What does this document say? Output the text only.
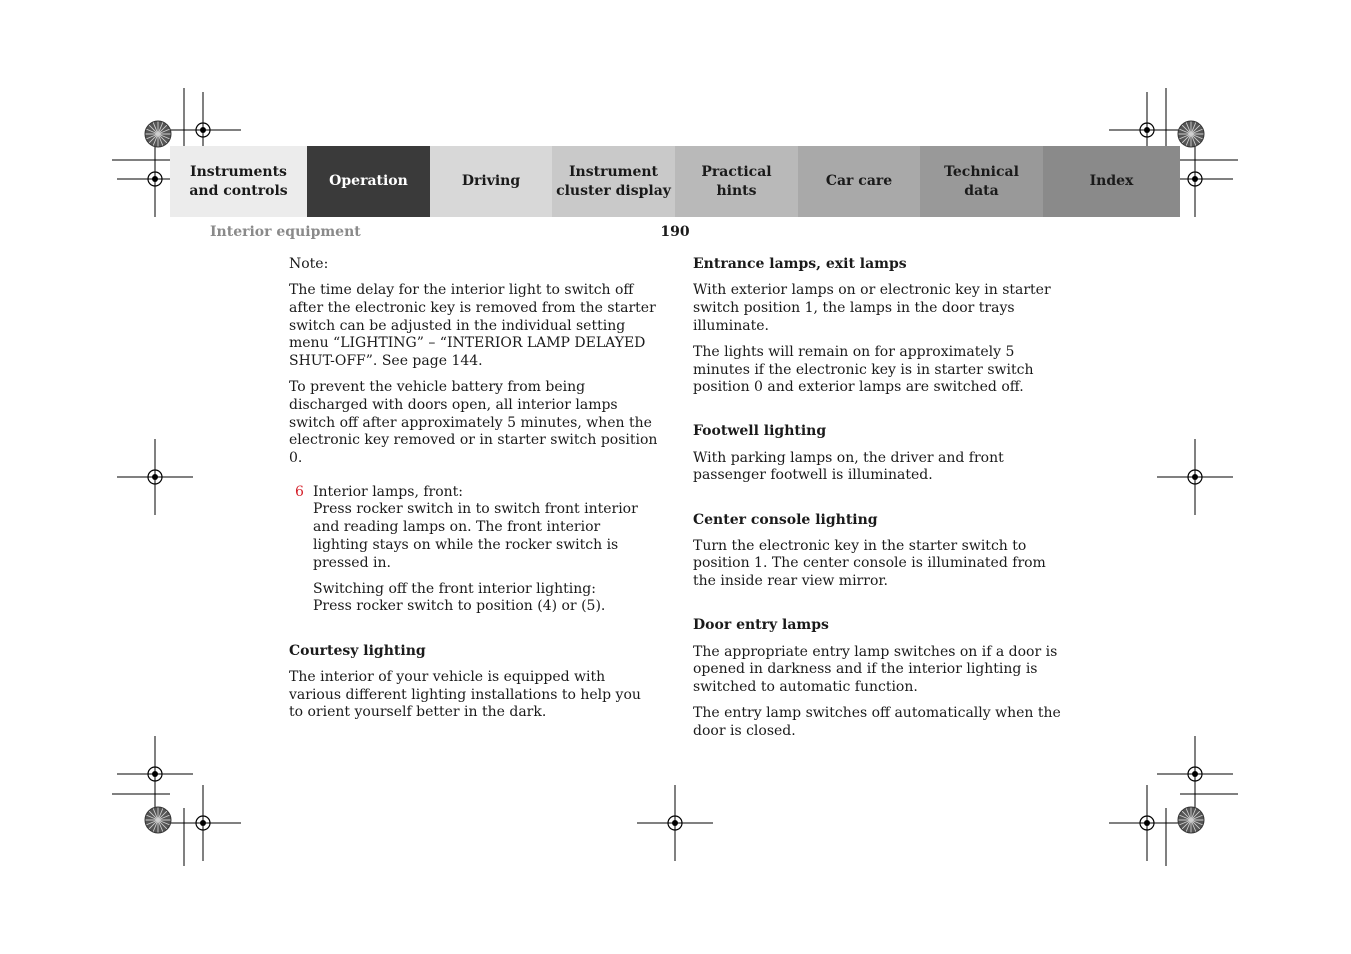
Instruments
and controls
Operation	Driving
Instrument
cluster display
Practical hints
Car care
Technical
data
Index
Interior equipment	190

Note:

The time delay for the interior light to switch off after the electronic key is removed from the starter switch can be adjusted in the individual setting menu “LIGHTING” – “INTERIOR LAMP DELAYED SHUT-OFF”. See page 144.

To prevent the vehicle battery from being discharged with doors open, all interior lamps switch off after approximately 5 minutes, when the electronic key removed or in starter switch position 0.

6 Interior lamps, front:

Press rocker switch in to switch front interior and reading lamps on. The front interior lighting stays on while the rocker switch is pressed in.

Switching off the front interior lighting:

Press rocker switch to position (4) or (5).

Courtesy lighting

The interior of your vehicle is equipped with various different lighting installations to help you to orient yourself better in the dark.

Entrance lamps, exit lamps

With exterior lamps on or electronic key in starter switch position 1, the lamps in the door trays illuminate.

The lights will remain on for approximately 5 minutes if the electronic key is in starter switch position 0 and exterior lamps are switched off.

Footwell lighting

With parking lamps on, the driver and front passenger footwell is illuminated.

Center console lighting

Turn the electronic key in the starter switch to position 1. The center console is illuminated from the inside rear view mirror.

Door entry lamps

The appropriate entry lamp switches on if a door is opened in darkness and if the interior lighting is switched to automatic function.

The entry lamp switches off automatically when the door is closed.
